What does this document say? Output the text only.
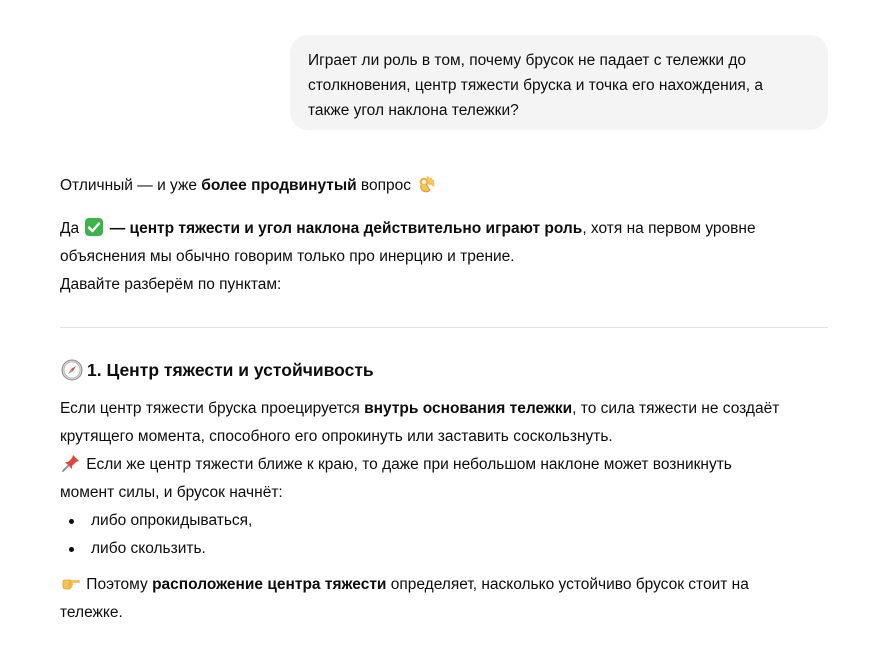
Играет ли роль в том, почему брусок не падает с тележки до
столкновения, центр тяжести бруска и точка его нахождения, а
также угол наклона тележки?

Отличный — и уже более продвинутый вопрос

Да  — центр тяжести и угол наклона действительно играют роль, хотя на первом уровне
объяснения мы обычно говорим только про инерцию и трение.
Давайте разберём по пунктам:

1. Центр тяжести и устойчивость

Если центр тяжести бруска проецируется внутрь основания тележки, то сила тяжести не создаёт
крутящего момента, способного его опрокинуть или заставить соскользнуть.
Если же центр тяжести ближе к краю, то даже при небольшом наклоне может возникнуть
момент силы, и брусок начнёт:

либо опрокидываться,
либо скользить.

Поэтому расположение центра тяжести определяет, насколько устойчиво брусок стоит на
тележке.
